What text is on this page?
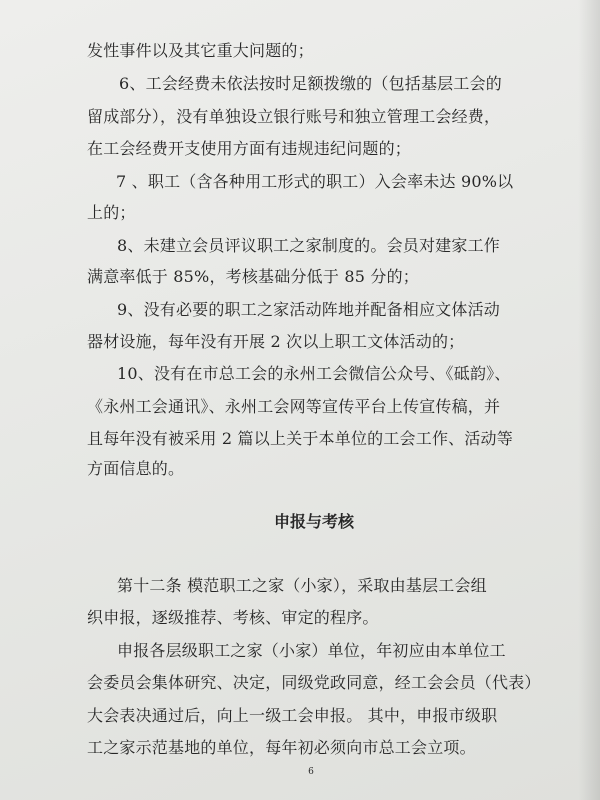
发性事件以及其它重大问题的；
6、工会经费未依法按时足额拨缴的（包括基层工会的
留成部分），没有单独设立银行账号和独立管理工会经费，
在工会经费开支使用方面有违规违纪问题的；
7 、职工（含各种用工形式的职工）入会率未达 90%以
上的；
8、未建立会员评议职工之家制度的。会员对建家工作
满意率低于 85%，考核基础分低于 85 分的；
9、没有必要的职工之家活动阵地并配备相应文体活动
器材设施，每年没有开展 2 次以上职工文体活动的；
10、没有在市总工会的永州工会微信公众号、《砥韵》、
《永州工会通讯》、永州工会网等宣传平台上传宣传稿，并
且每年没有被采用 2 篇以上关于本单位的工会工作、活动等
方面信息的。
申报与考核
第十二条 模范职工之家（小家），采取由基层工会组
织申报，逐级推荐、考核、审定的程序。
申报各层级职工之家（小家）单位，年初应由本单位工
会委员会集体研究、决定，同级党政同意，经工会会员（代表）
大会表决通过后，向上一级工会申报。 其中，申报市级职
工之家示范基地的单位，每年初必须向市总工会立项。
6
